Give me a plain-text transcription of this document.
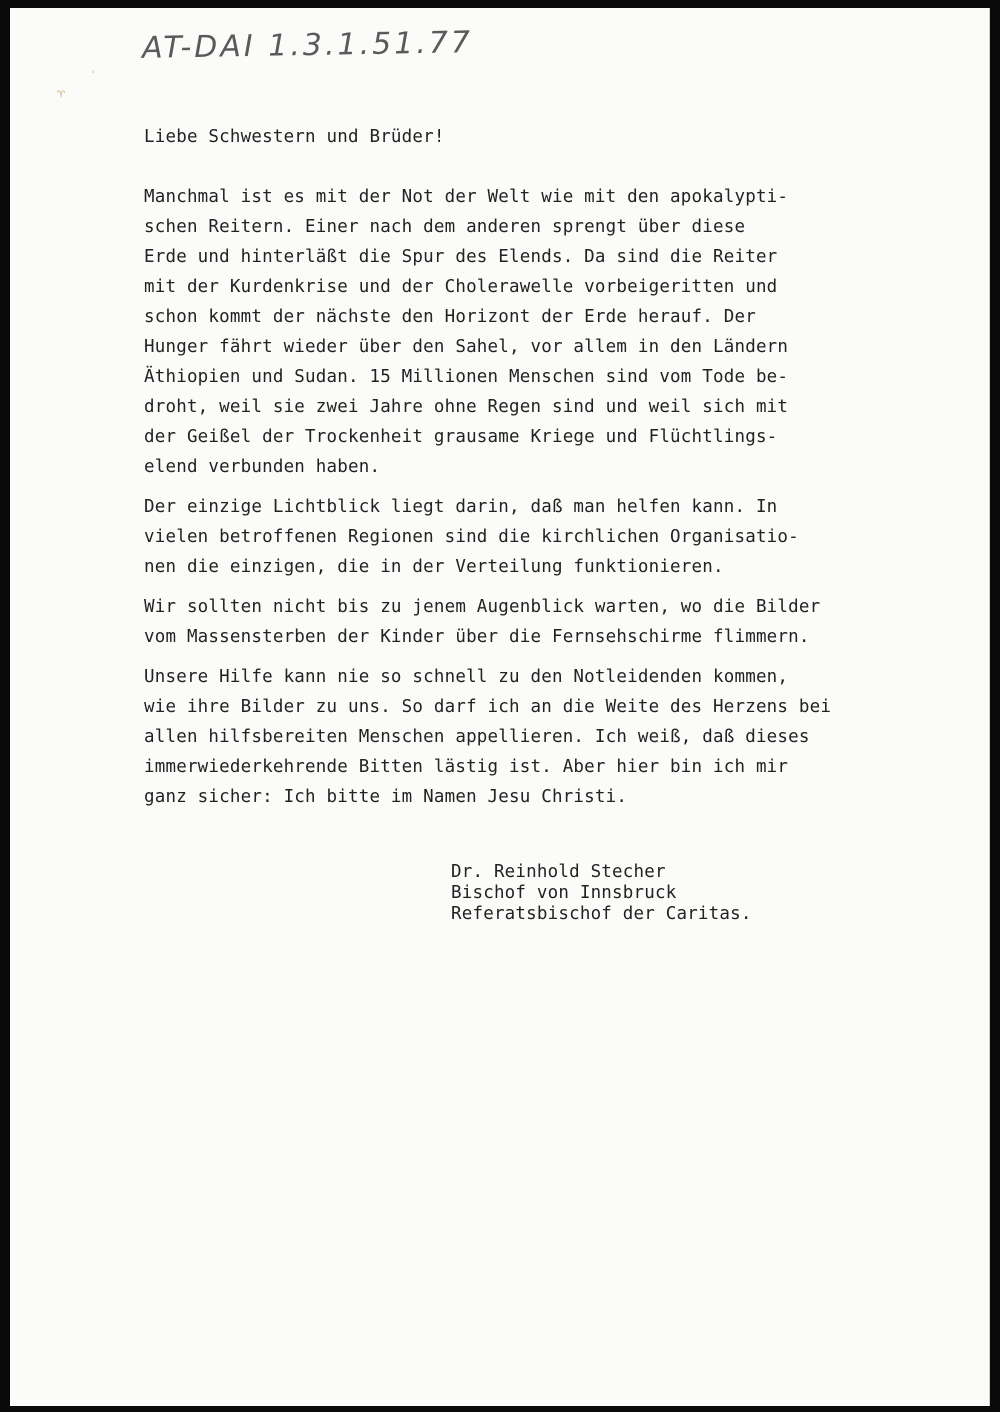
'
♈
AT-DAI 1.3.1.51.77
Liebe Schwestern und Brüder!
Manchmal ist es mit der Not der Welt wie mit den apokalypti-
schen Reitern. Einer nach dem anderen sprengt über diese
Erde und hinterläßt die Spur des Elends. Da sind die Reiter
mit der Kurdenkrise und der Cholerawelle vorbeigeritten und
schon kommt der nächste den Horizont der Erde herauf. Der
Hunger fährt wieder über den Sahel, vor allem in den Ländern
Äthiopien und Sudan. 15 Millionen Menschen sind vom Tode be-
droht, weil sie zwei Jahre ohne Regen sind und weil sich mit
der Geißel der Trockenheit grausame Kriege und Flüchtlings-
elend verbunden haben.
Der einzige Lichtblick liegt darin, daß man helfen kann. In
vielen betroffenen Regionen sind die kirchlichen Organisatio-
nen die einzigen, die in der Verteilung funktionieren.
Wir sollten nicht bis zu jenem Augenblick warten, wo die Bilder
vom Massensterben der Kinder über die Fernsehschirme flimmern.
Unsere Hilfe kann nie so schnell zu den Notleidenden kommen,
wie ihre Bilder zu uns. So darf ich an die Weite des Herzens bei
allen hilfsbereiten Menschen appellieren. Ich weiß, daß dieses
immerwiederkehrende Bitten lästig ist. Aber hier bin ich mir
ganz sicher: Ich bitte im Namen Jesu Christi.
Dr. Reinhold Stecher
Bischof von Innsbruck
Referatsbischof der Caritas.
